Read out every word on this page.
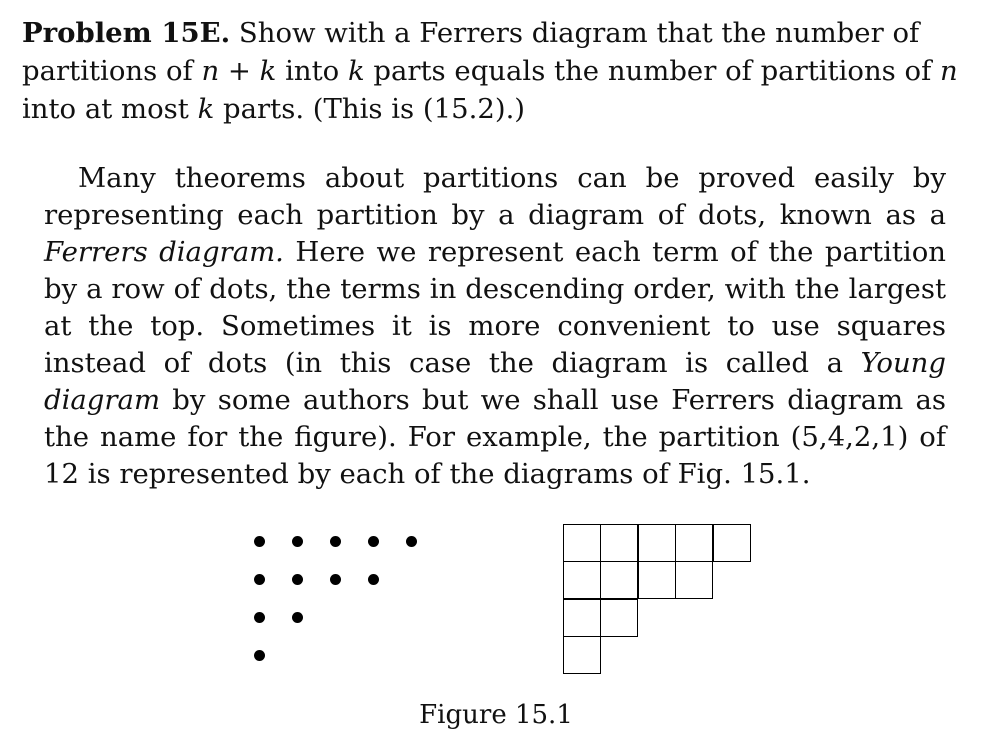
Problem 15E. Show with a Ferrers diagram that the number of partitions of n + k into k parts equals the number of partitions of n into at most k parts. (This is (15.2).)

Many theorems about partitions can be proved easily by representing each partition by a diagram of dots, known as a Ferrers diagram. Here we represent each term of the partition by a row of dots, the terms in descending order, with the largest at the top. Sometimes it is more convenient to use squares instead of dots (in this case the diagram is called a Young diagram by some authors but we shall use Ferrers diagram as the name for the figure). For example, the partition (5,4,2,1) of 12 is represented by each of the diagrams of Fig. 15.1.

Figure 15.1
